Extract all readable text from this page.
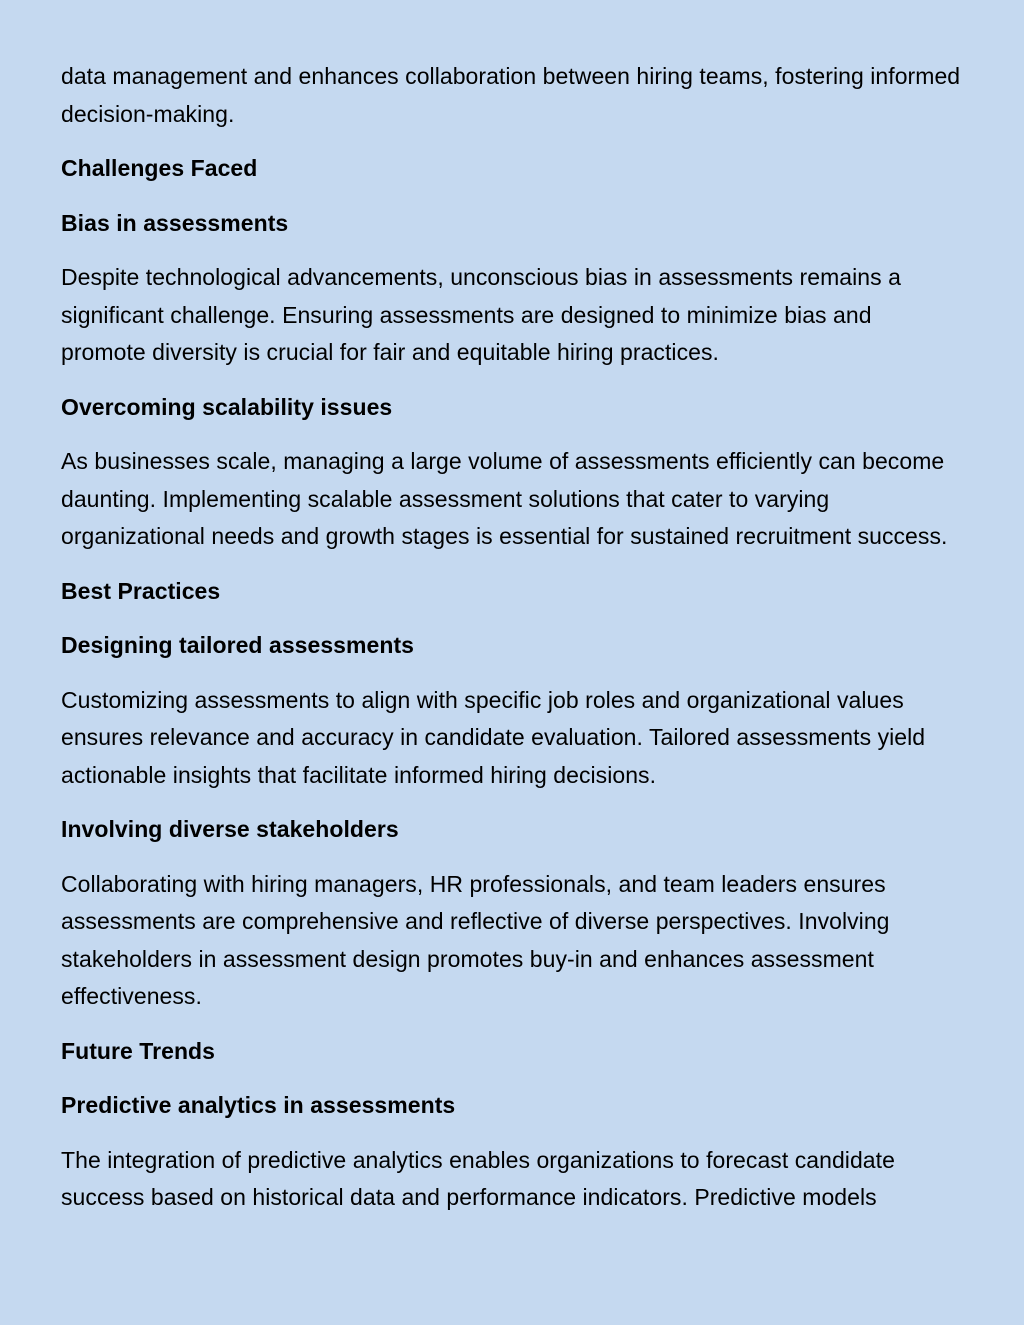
data management and enhances collaboration between hiring teams, fostering informed decision-making.

Challenges Faced
Bias in assessments

Despite technological advancements, unconscious bias in assessments remains a significant challenge. Ensuring assessments are designed to minimize bias and promote diversity is crucial for fair and equitable hiring practices.

Overcoming scalability issues

As businesses scale, managing a large volume of assessments efficiently can become daunting. Implementing scalable assessment solutions that cater to varying organizational needs and growth stages is essential for sustained recruitment success.

Best Practices
Designing tailored assessments

Customizing assessments to align with specific job roles and organizational values ensures relevance and accuracy in candidate evaluation. Tailored assessments yield actionable insights that facilitate informed hiring decisions.

Involving diverse stakeholders

Collaborating with hiring managers, HR professionals, and team leaders ensures assessments are comprehensive and reflective of diverse perspectives. Involving stakeholders in assessment design promotes buy-in and enhances assessment effectiveness.

Future Trends
Predictive analytics in assessments

The integration of predictive analytics enables organizations to forecast candidate success based on historical data and performance indicators. Predictive models
